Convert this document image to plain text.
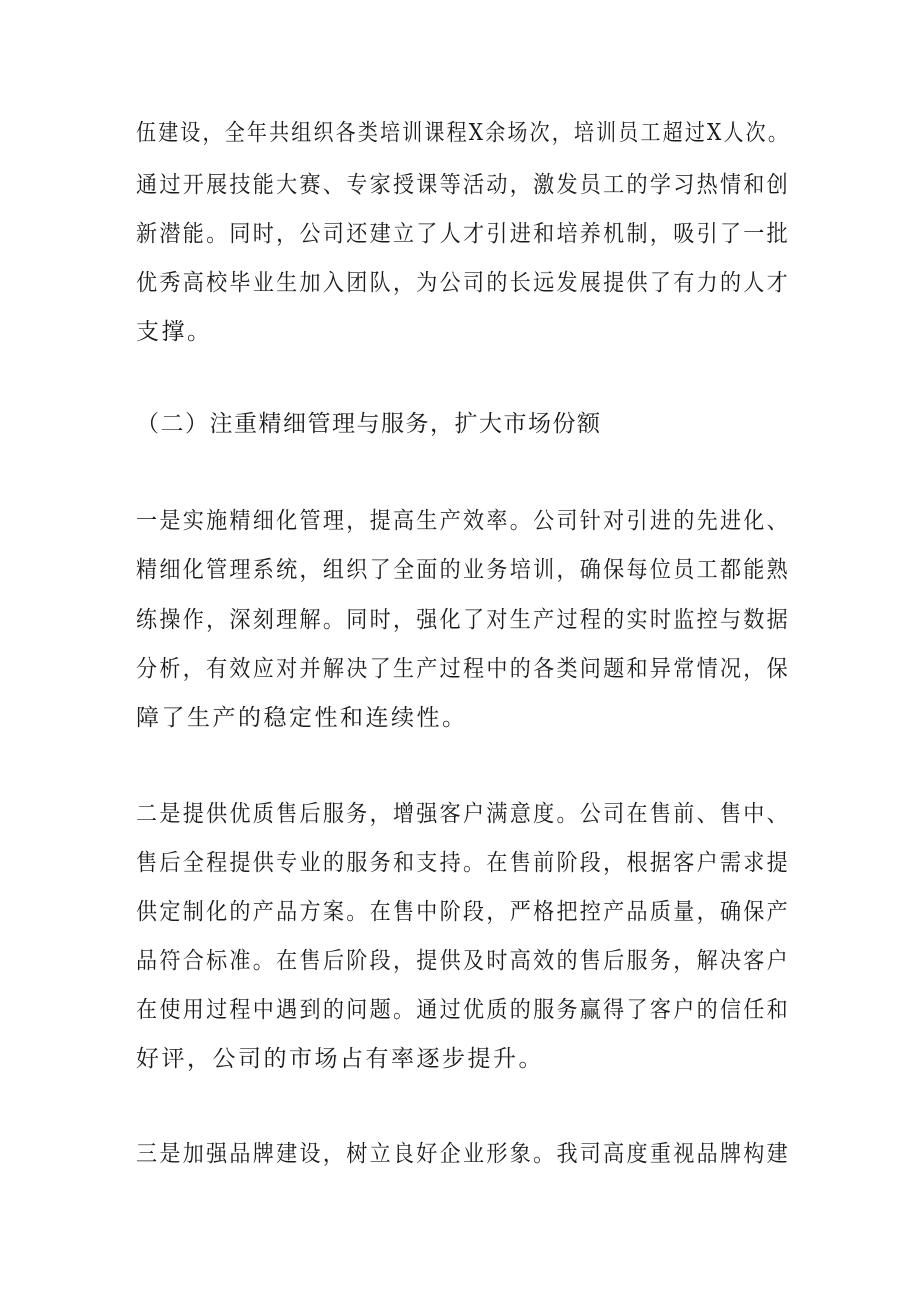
伍建设，全年共组织各类培训课程X余场次，培训员工超过X人次。

通过开展技能大赛、专家授课等活动，激发员工的学习热情和创

新潜能。同时，公司还建立了人才引进和培养机制，吸引了一批

优秀高校毕业生加入团队，为公司的长远发展提供了有力的人才

支撑。

（二）注重精细管理与服务，扩大市场份额

一是实施精细化管理，提高生产效率。公司针对引进的先进化、

精细化管理系统，组织了全面的业务培训，确保每位员工都能熟

练操作，深刻理解。同时，强化了对生产过程的实时监控与数据

分析，有效应对并解决了生产过程中的各类问题和异常情况，保

障了生产的稳定性和连续性。

二是提供优质售后服务，增强客户满意度。公司在售前、售中、

售后全程提供专业的服务和支持。在售前阶段，根据客户需求提

供定制化的产品方案。在售中阶段，严格把控产品质量，确保产

品符合标准。在售后阶段，提供及时高效的售后服务，解决客户

在使用过程中遇到的问题。通过优质的服务赢得了客户的信任和

好评，公司的市场占有率逐步提升。

三是加强品牌建设，树立良好企业形象。我司高度重视品牌构建
